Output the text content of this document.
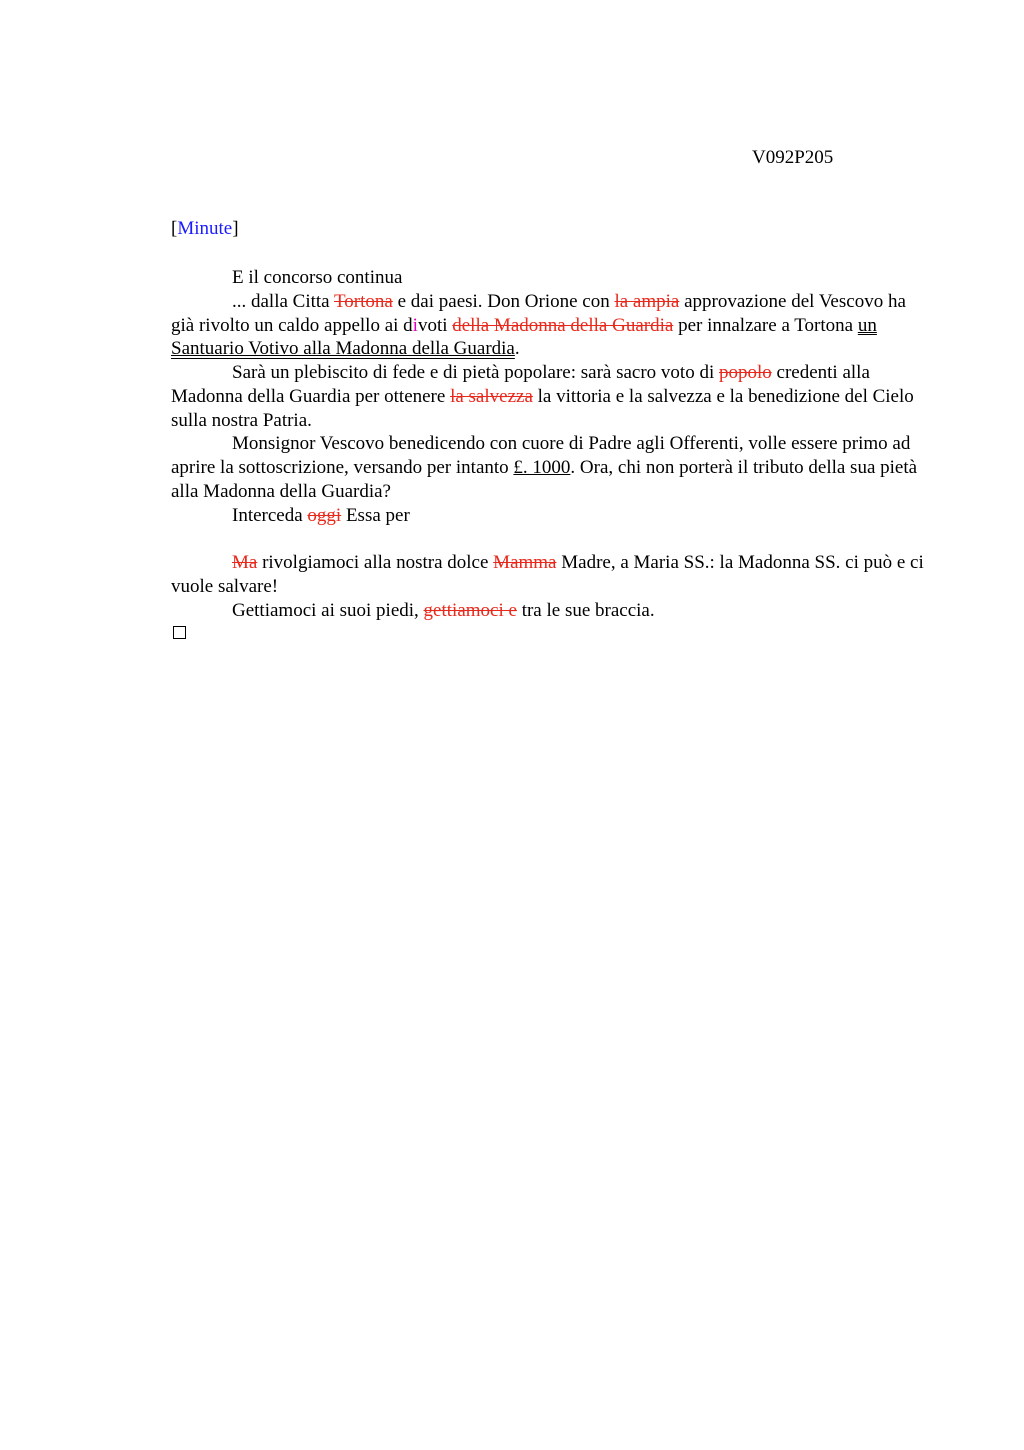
V092P205
[Minute]

E il concorso continua

... dalla Citta Tortona e dai paesi. Don Orione con la ampia approvazione del Vescovo ha già rivolto un caldo appello ai divoti della Madonna della Guardia per innalzare a Tortona un Santuario Votivo alla Madonna della Guardia.

Sarà un plebiscito di fede e di pietà popolare: sarà sacro voto di popolo credenti alla Madonna della Guardia per ottenere la salvezza la vittoria e la salvezza e la benedizione del Cielo sulla nostra Patria.

Monsignor Vescovo benedicendo con cuore di Padre agli Offerenti, volle essere primo ad aprire la sottoscrizione, versando per intanto £. 1000. Ora, chi non porterà il tributo della sua pietà alla Madonna della Guardia?

Interceda oggi Essa per

Ma rivolgiamoci alla nostra dolce Mamma Madre, a Maria SS.: la Madonna SS. ci può e ci vuole salvare!

Gettiamoci ai suoi piedi, gettiamoci e tra le sue braccia.
